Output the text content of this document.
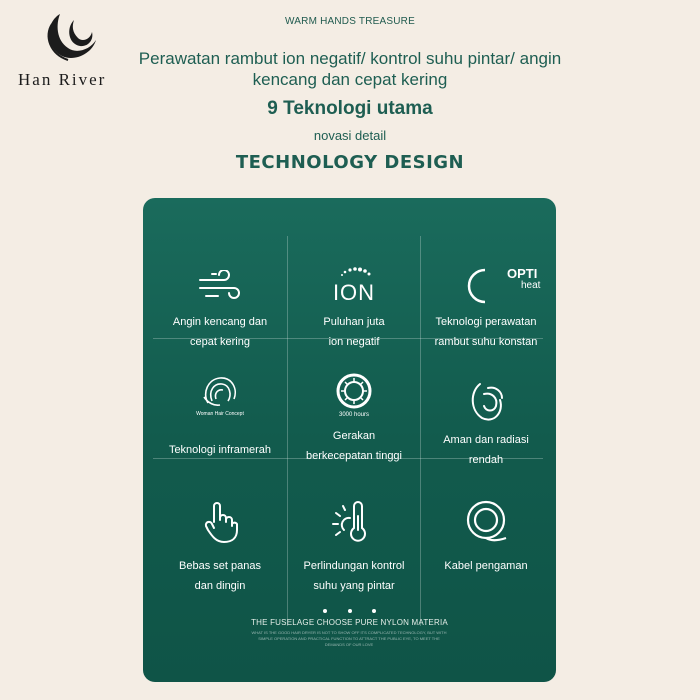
Han River
WARM HANDS TREASURE
Perawatan rambut ion negatif/ kontrol suhu pintar/ angin kencang dan cepat kering
9 Teknologi utama
novasi detail
TECHNOLOGY DESIGN
Angin kencang dan
cepat kering
ION
Puluhan juta
ion negatif
OPTI
heat
Teknologi perawatan
rambut suhu konstan
Woman Hair Concept
Teknologi inframerah
3000 hours
Gerakan
berkecepatan tinggi
Aman dan radiasi
rendah
Bebas set panas
dan dingin
Perlindungan kontrol
suhu yang pintar
Kabel pengaman

THE FUSELAGE CHOOSE PURE NYLON MATERIA
WHAT IS THE GOOD HAIR DRYER IS NOT TO SHOW OFF ITS COMPLICATED TECHNOLOGY, BUT WITH SIMPLE OPERATION AND PRACTICAL FUNCTION TO ATTRACT THE PUBLIC EYE, TO MEET THE DEMANDS OF OUR LOVE
